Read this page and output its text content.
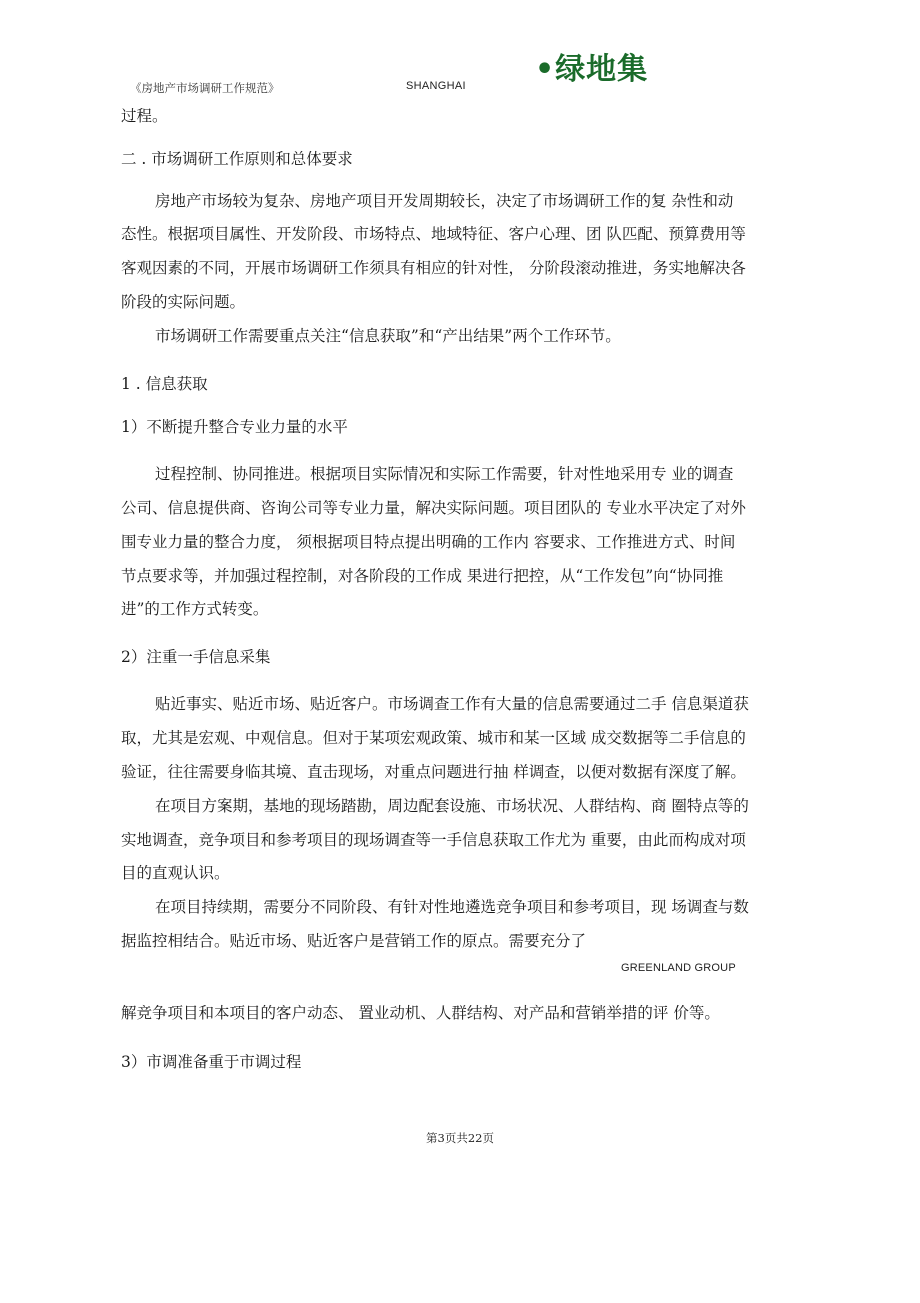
•绿地集
《房地产市场调研工作规范》	SHANGHAI
过程。
二 . 市场调研工作原则和总体要求
房地产市场较为复杂、房地产项目开发周期较长，决定了市场调研工作的复 杂性和动
态性。根据项目属性、开发阶段、市场特点、地域特征、客户心理、团 队匹配、预算费用等
客观因素的不同，开展市场调研工作须具有相应的针对性， 分阶段滚动推进，务实地解决各
阶段的实际问题。
市场调研工作需要重点关注“信息获取”和“产出结果”两个工作环节。
1 . 信息获取
1）不断提升整合专业力量的水平
过程控制、协同推进。根据项目实际情况和实际工作需要，针对性地采用专 业的调查
公司、信息提供商、咨询公司等专业力量，解决实际问题。项目团队的 专业水平决定了对外
围专业力量的整合力度， 须根据项目特点提出明确的工作内 容要求、工作推进方式、时间
节点要求等，并加强过程控制，对各阶段的工作成 果进行把控，从“工作发包”向“协同推
进”的工作方式转变。
2）注重一手信息采集
贴近事实、贴近市场、贴近客户。市场调查工作有大量的信息需要通过二手 信息渠道获
取，尤其是宏观、中观信息。但对于某项宏观政策、城市和某一区域 成交数据等二手信息的
验证，往往需要身临其境、直击现场，对重点问题进行抽 样调查，以便对数据有深度了解。
在项目方案期，基地的现场踏勘，周边配套设施、市场状况、人群结构、商 圈特点等的
实地调查，竞争项目和参考项目的现场调查等一手信息获取工作尤为 重要，由此而构成对项
目的直观认识。
在项目持续期，需要分不同阶段、有针对性地遴选竞争项目和参考项目，现 场调查与数
据监控相结合。贴近市场、贴近客户是营销工作的原点。需要充分了
GREENLAND GROUP
解竞争项目和本项目的客户动态、 置业动机、人群结构、对产品和营销举措的评 价等。
3）市调准备重于市调过程
第3页共22页
